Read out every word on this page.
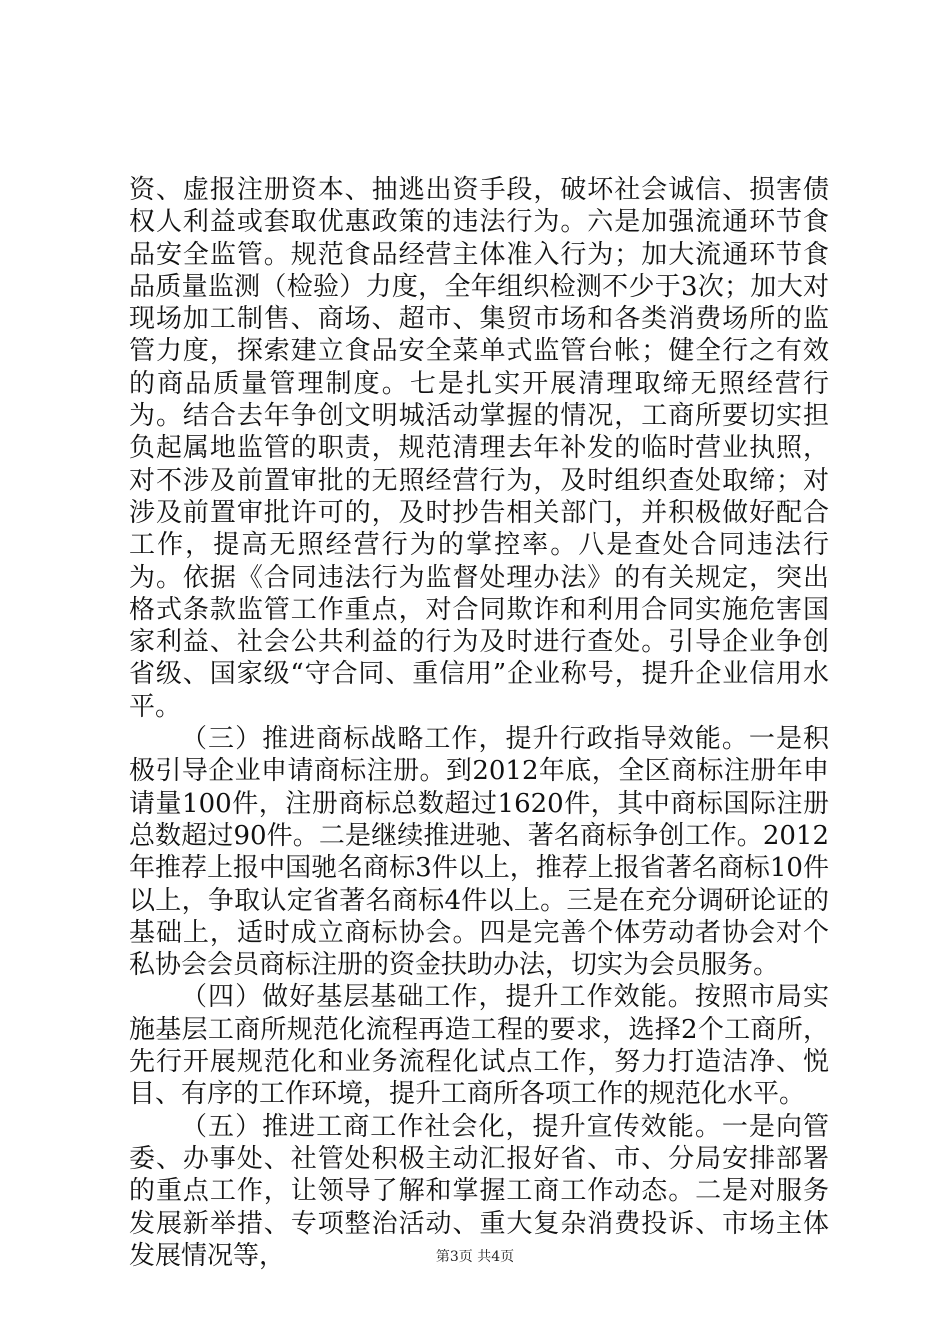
资、虚报注册资本、抽逃出资手段，破坏社会诚信、损害债权人利益或套取优惠政策的违法行为。六是加强流通环节食品安全监管。规范食品经营主体准入行为；加大流通环节食品质量监测（检验）力度，全年组织检测不少于3次；加大对现场加工制售、商场、超市、集贸市场和各类消费场所的监管力度，探索建立食品安全菜单式监管台帐；健全行之有效的商品质量管理制度。七是扎实开展清理取缔无照经营行为。结合去年争创文明城活动掌握的情况，工商所要切实担负起属地监管的职责，规范清理去年补发的临时营业执照，对不涉及前置审批的无照经营行为，及时组织查处取缔；对涉及前置审批许可的，及时抄告相关部门，并积极做好配合工作，提高无照经营行为的掌控率。八是查处合同违法行为。依据《合同违法行为监督处理办法》的有关规定，突出格式条款监管工作重点，对合同欺诈和利用合同实施危害国家利益、社会公共利益的行为及时进行查处。引导企业争创省级、国家级“守合同、重信用”企业称号，提升企业信用水平。

（三）推进商标战略工作，提升行政指导效能。一是积极引导企业申请商标注册。到2012年底，全区商标注册年申请量100件，注册商标总数超过1620件，其中商标国际注册总数超过90件。二是继续推进驰、著名商标争创工作。2012年推荐上报中国驰名商标3件以上，推荐上报省著名商标10件以上，争取认定省著名商标4件以上。三是在充分调研论证的基础上，适时成立商标协会。四是完善个体劳动者协会对个私协会会员商标注册的资金扶助办法，切实为会员服务。

（四）做好基层基础工作，提升工作效能。按照市局实施基层工商所规范化流程再造工程的要求，选择2个工商所，先行开展规范化和业务流程化试点工作，努力打造洁净、悦目、有序的工作环境，提升工商所各项工作的规范化水平。

（五）推进工商工作社会化，提升宣传效能。一是向管委、办事处、社管处积极主动汇报好省、市、分局安排部署的重点工作，让领导了解和掌握工商工作动态。二是对服务发展新举措、专项整治活动、重大复杂消费投诉、市场主体发展情况等，	第3页 共4页
